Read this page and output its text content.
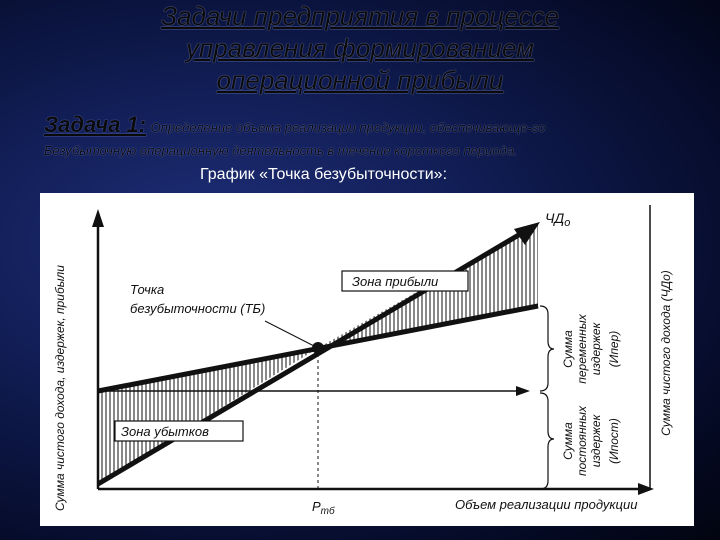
Задачи предприятия в процессе
управления формированием
операционной прибыли
Задача 1: Определение объема реализации продукции, обеспечивающе-го
Безубыточную операционную деятельность в течение короткого периода.
График «Точка безубыточности»:
Сумма чистого дохода, издержек, прибыли	Объем реализации продукции
$Р_{тб}$
$ЧД_о$
Сумма чистого дохода (ЧДо)
Точка
безубыточности (ТБ)
Зона прибыли
Зона убытков
Сумма переменных издержек (Ипер)
Сумма постоянных издержек (Ипост)
